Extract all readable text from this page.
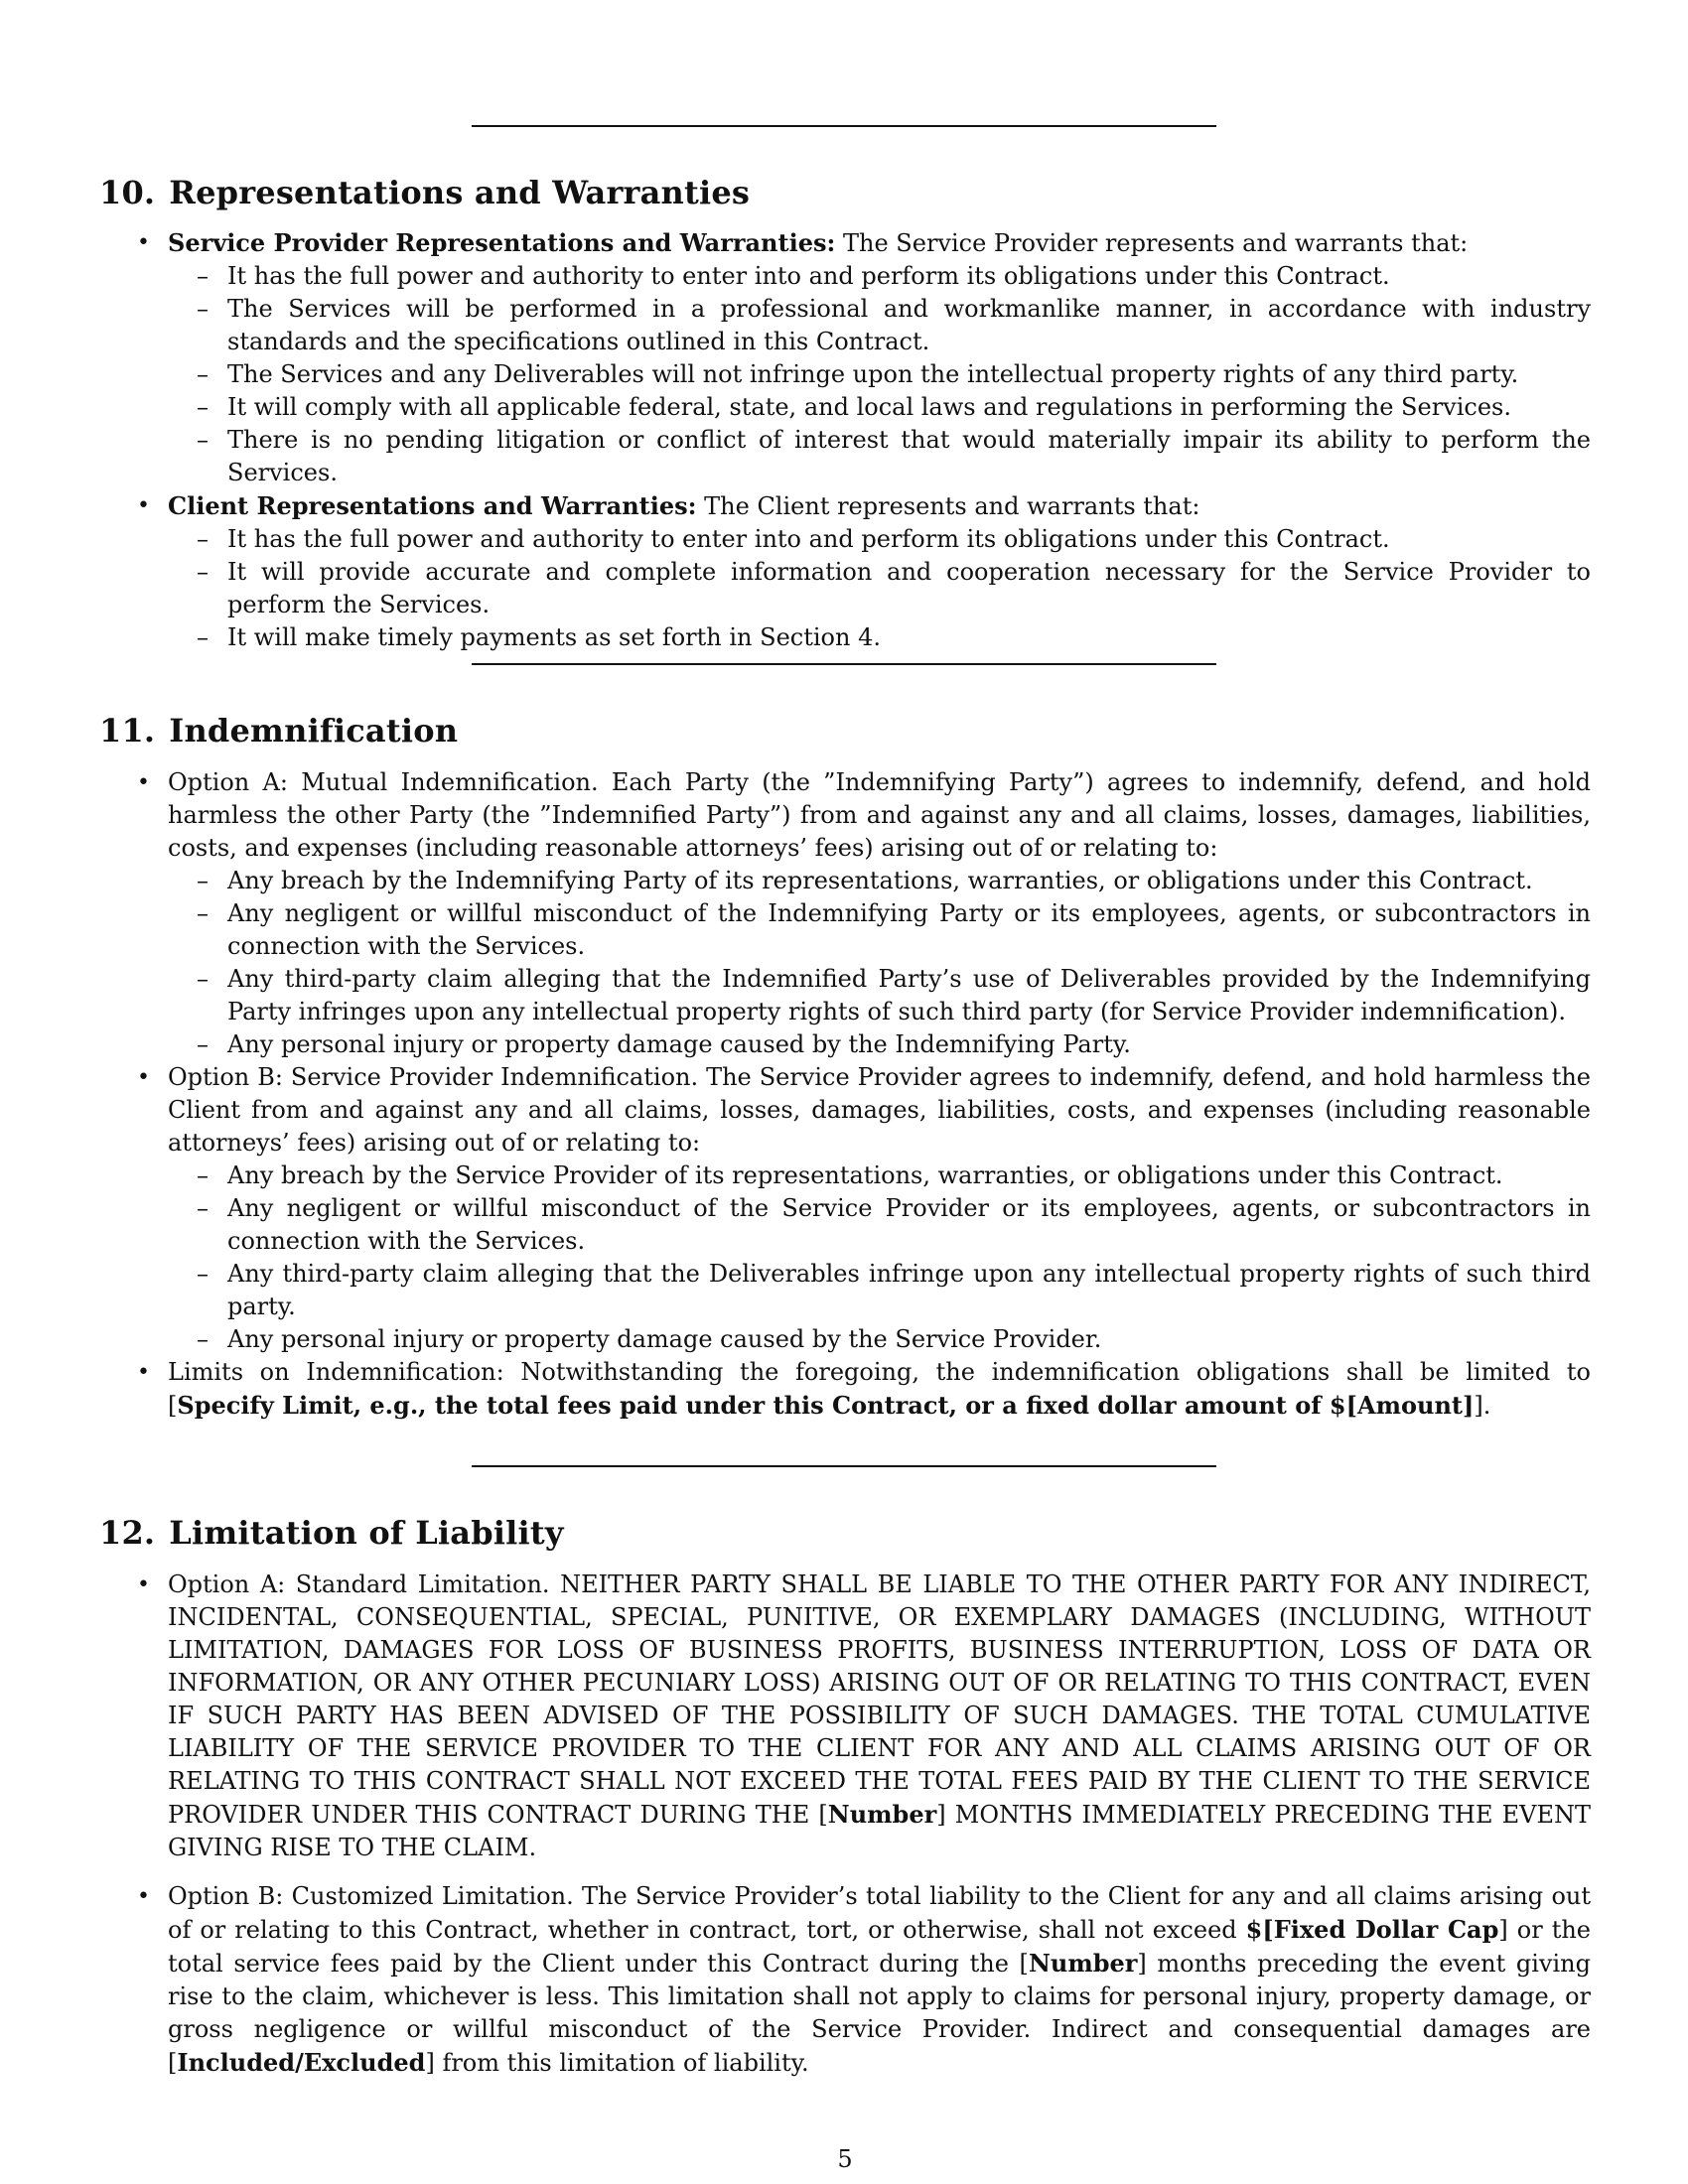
10. Representations and Warranties
• Service Provider Representations and Warranties: The Service Provider represents and warrants that:
– It has the full power and authority to enter into and perform its obligations under this Contract.
– The Services will be performed in a professional and workmanlike manner, in accordance with industry standards and the specifications outlined in this Contract.
– The Services and any Deliverables will not infringe upon the intellectual property rights of any third party.
– It will comply with all applicable federal, state, and local laws and regulations in performing the Services.
– There is no pending litigation or conflict of interest that would materially impair its ability to perform the Services.
• Client Representations and Warranties: The Client represents and warrants that:
– It has the full power and authority to enter into and perform its obligations under this Contract.
– It will provide accurate and complete information and cooperation necessary for the Service Provider to perform the Services.
– It will make timely payments as set forth in Section 4.
11. Indemnification
• Option A: Mutual Indemnification. Each Party (the ”Indemnifying Party”) agrees to indemnify, defend, and hold harmless the other Party (the ”Indemnified Party”) from and against any and all claims, losses, damages, liabilities, costs, and expenses (including reasonable attorneys’ fees) arising out of or relating to:
– Any breach by the Indemnifying Party of its representations, warranties, or obligations under this Contract.
– Any negligent or willful misconduct of the Indemnifying Party or its employees, agents, or subcontractors in connection with the Services.
– Any third-party claim alleging that the Indemnified Party’s use of Deliverables provided by the Indemnifying Party infringes upon any intellectual property rights of such third party (for Service Provider indemnification).
– Any personal injury or property damage caused by the Indemnifying Party.
• Option B: Service Provider Indemnification. The Service Provider agrees to indemnify, defend, and hold harmless the Client from and against any and all claims, losses, damages, liabilities, costs, and expenses (including reasonable attorneys’ fees) arising out of or relating to:
– Any breach by the Service Provider of its representations, warranties, or obligations under this Contract.
– Any negligent or willful misconduct of the Service Provider or its employees, agents, or subcontractors in connection with the Services.
– Any third-party claim alleging that the Deliverables infringe upon any intellectual property rights of such third party.
– Any personal injury or property damage caused by the Service Provider.
• Limits on Indemnification: Notwithstanding the foregoing, the indemnification obligations shall be limited to [Specify Limit, e.g., the total fees paid under this Contract, or a fixed dollar amount of $[Amount]].
12. Limitation of Liability
• Option A: Standard Limitation. NEITHER PARTY SHALL BE LIABLE TO THE OTHER PARTY FOR ANY INDIRECT, INCIDENTAL, CONSEQUENTIAL, SPECIAL, PUNITIVE, OR EXEMPLARY DAMAGES (INCLUDING, WITHOUT LIMITATION, DAMAGES FOR LOSS OF BUSINESS PROFITS, BUSINESS INTERRUPTION, LOSS OF DATA OR INFORMATION, OR ANY OTHER PECUNIARY LOSS) ARISING OUT OF OR RELATING TO THIS CONTRACT, EVEN IF SUCH PARTY HAS BEEN ADVISED OF THE POSSIBILITY OF SUCH DAMAGES. THE TOTAL CUMULATIVE LIABILITY OF THE SERVICE PROVIDER TO THE CLIENT FOR ANY AND ALL CLAIMS ARISING OUT OF OR RELATING TO THIS CONTRACT SHALL NOT EXCEED THE TOTAL FEES PAID BY THE CLIENT TO THE SERVICE PROVIDER UNDER THIS CONTRACT DURING THE [Number] MONTHS IMMEDIATELY PRECEDING THE EVENT GIVING RISE TO THE CLAIM.
• Option B: Customized Limitation. The Service Provider’s total liability to the Client for any and all claims arising out of or relating to this Contract, whether in contract, tort, or otherwise, shall not exceed $[Fixed Dollar Cap] or the total service fees paid by the Client under this Contract during the [Number] months preceding the event giving rise to the claim, whichever is less. This limitation shall not apply to claims for personal injury, property damage, or gross negligence or willful misconduct of the Service Provider. Indirect and consequential damages are [Included/Excluded] from this limitation of liability.
5
